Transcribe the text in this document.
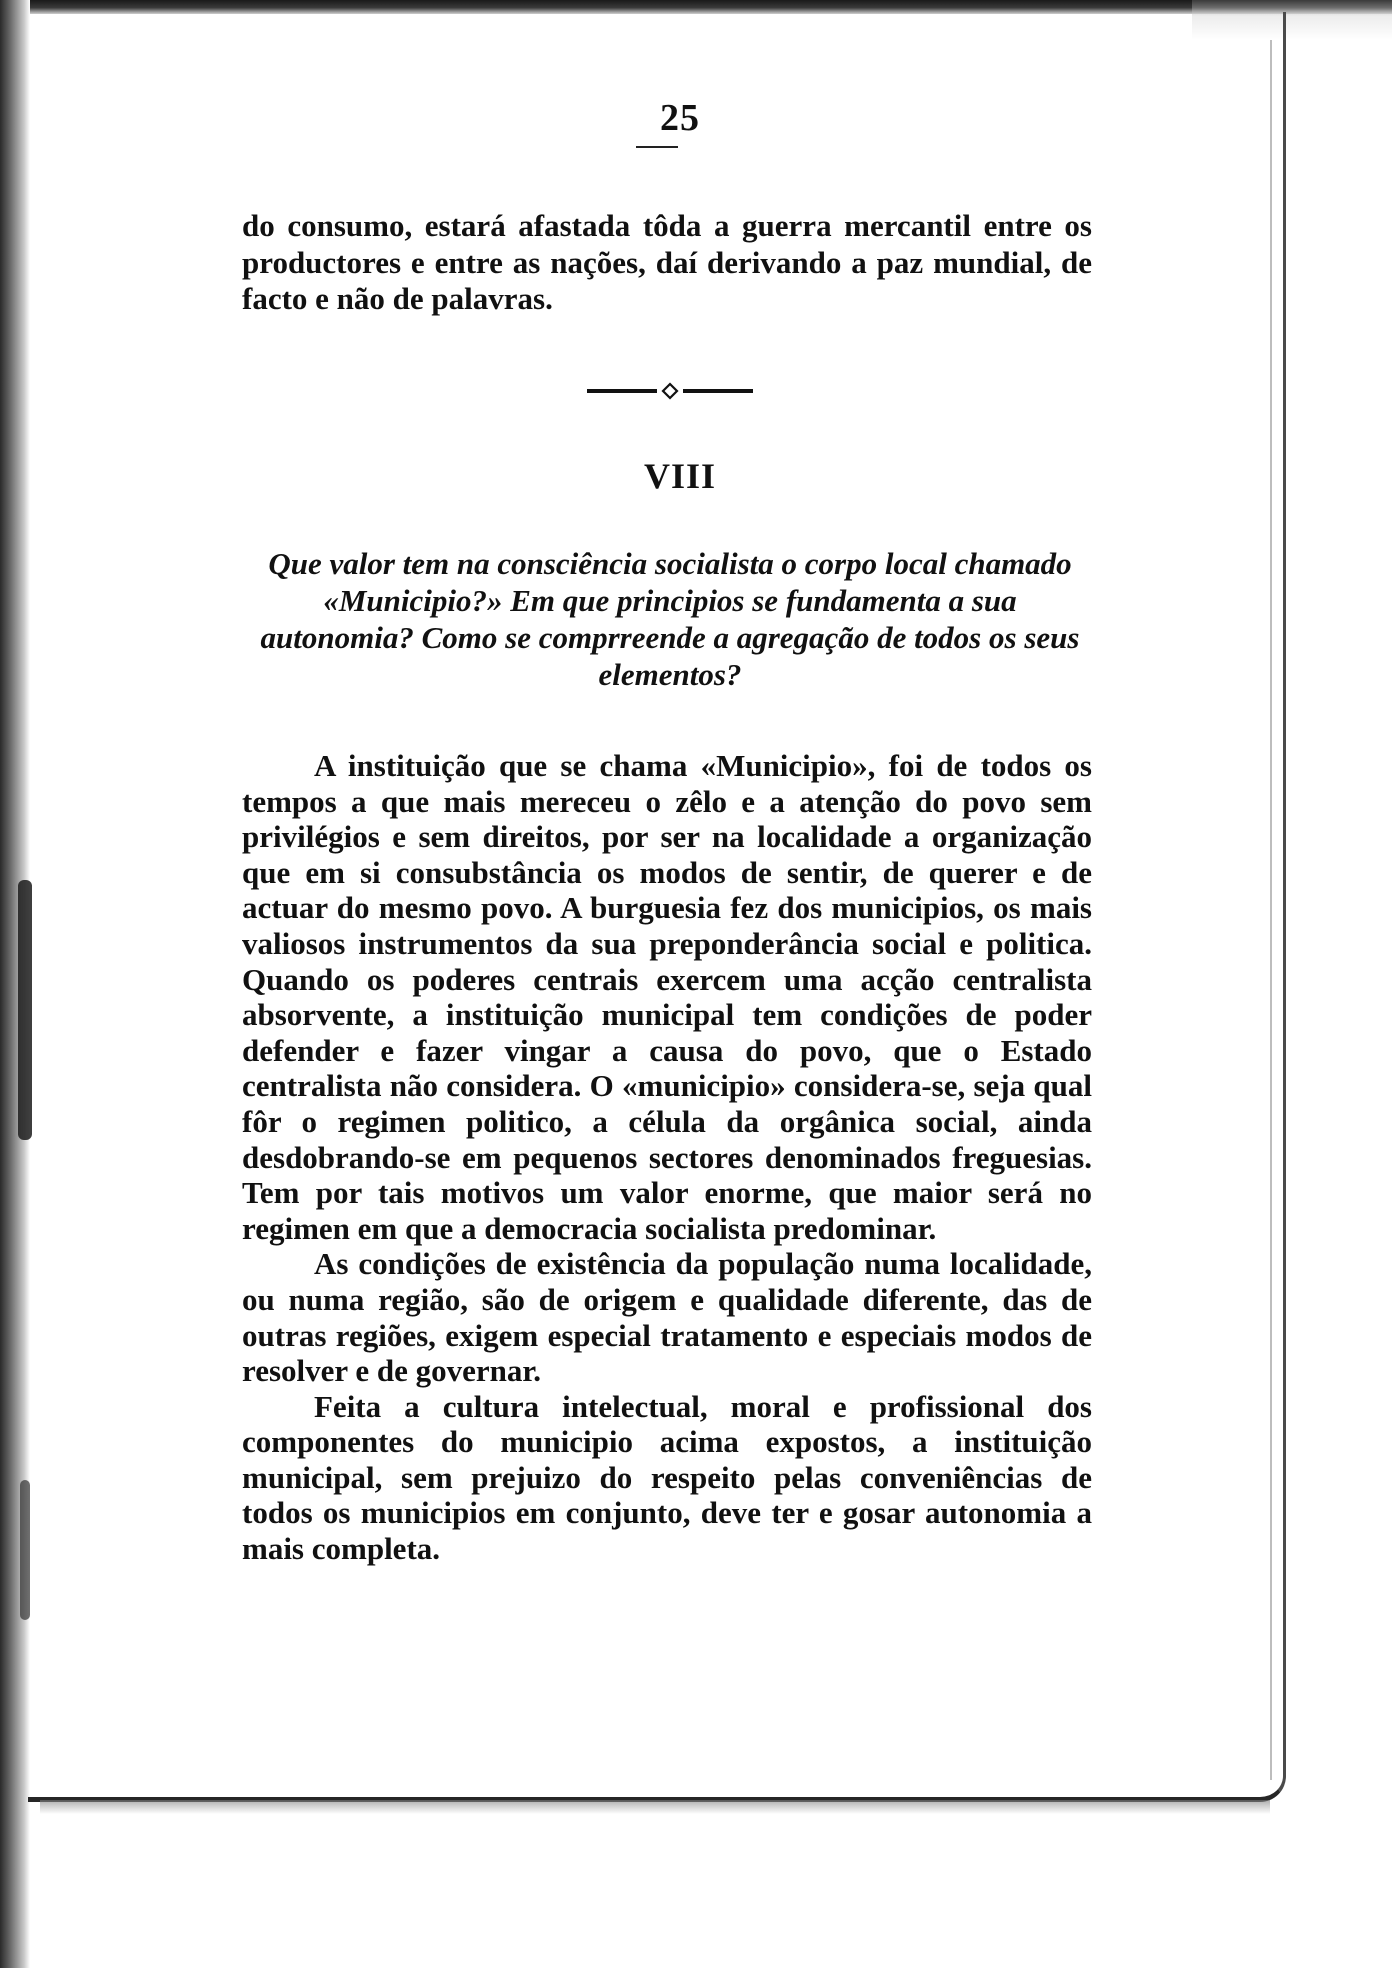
25
do consumo, estará afastada tôda a guerra mercantil entre os productores e entre as nações, daí derivando a paz mundial, de facto e não de palavras.
VIII
Que valor tem na consciência socialista o corpo local chamado «Municipio?» Em que principios se fundamenta a sua autonomia? Como se comprreende a agregação de todos os seus elementos?

A instituição que se chama «Municipio», foi de todos os tempos a que mais mereceu o zêlo e a atenção do povo sem privilégios e sem direitos, por ser na localidade a organização que em si consubstância os modos de sentir, de querer e de actuar do mesmo povo. A burguesia fez dos municipios, os mais valiosos instrumentos da sua preponderância social e politica. Quando os poderes centrais exercem uma acção centralista absorvente, a instituição municipal tem condições de poder defender e fazer vingar a causa do povo, que o Estado centralista não considera. O «municipio» considera-se, seja qual fôr o regimen politico, a célula da orgânica social, ainda desdobrando-se em pequenos sectores denominados freguesias. Tem por tais motivos um valor enorme, que maior será no regimen em que a democracia socialista predominar.

As condições de existência da população numa localidade, ou numa região, são de origem e qualidade diferente, das de outras regiões, exigem especial tratamento e especiais modos de resolver e de governar.

Feita a cultura intelectual, moral e profissional dos componentes do municipio acima expostos, a instituição municipal, sem prejuizo do respeito pelas conveniências de todos os municipios em conjunto, deve ter e gosar autonomia a mais completa.
